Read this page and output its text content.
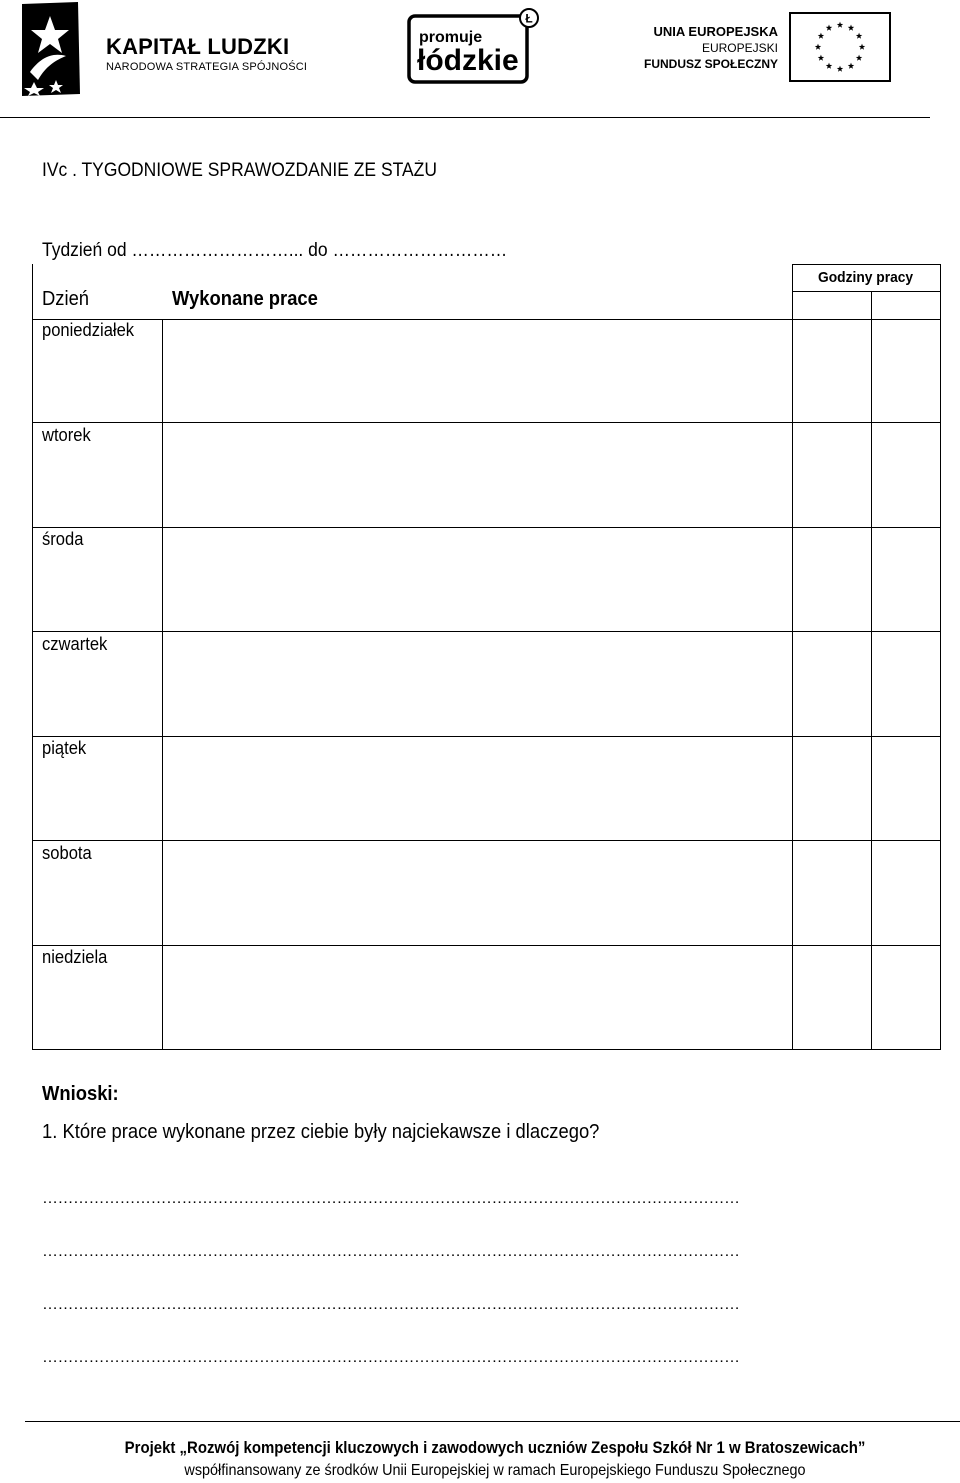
KAPITAŁ LUDZKI
NARODOWA STRATEGIA SPÓJNOŚCI
Ł
promuje
łódzkie
UNIA EUROPEJSKA
EUROPEJSKI
FUNDUSZ SPOŁECZNY
IVc . TYGODNIOWE SPRAWOZDANIE ZE STAŻU
Tydzień od ………………………... do …………………………
Dzień	Wykonane prace
Godziny pracy
poniedziałek
wtorek
środa
czwartek
piątek
sobota
niedziela
Wnioski:
1. Które prace wykonane przez ciebie były najciekawsze i dlaczego?
………………………………………………………………………………………………………………………
………………………………………………………………………………………………………………………
………………………………………………………………………………………………………………………
………………………………………………………………………………………………………………………
Projekt „Rozwój kompetencji kluczowych i zawodowych uczniów Zespołu Szkół Nr 1 w Bratoszewicach”
współfinansowany ze środków Unii Europejskiej w ramach Europejskiego Funduszu Społecznego
